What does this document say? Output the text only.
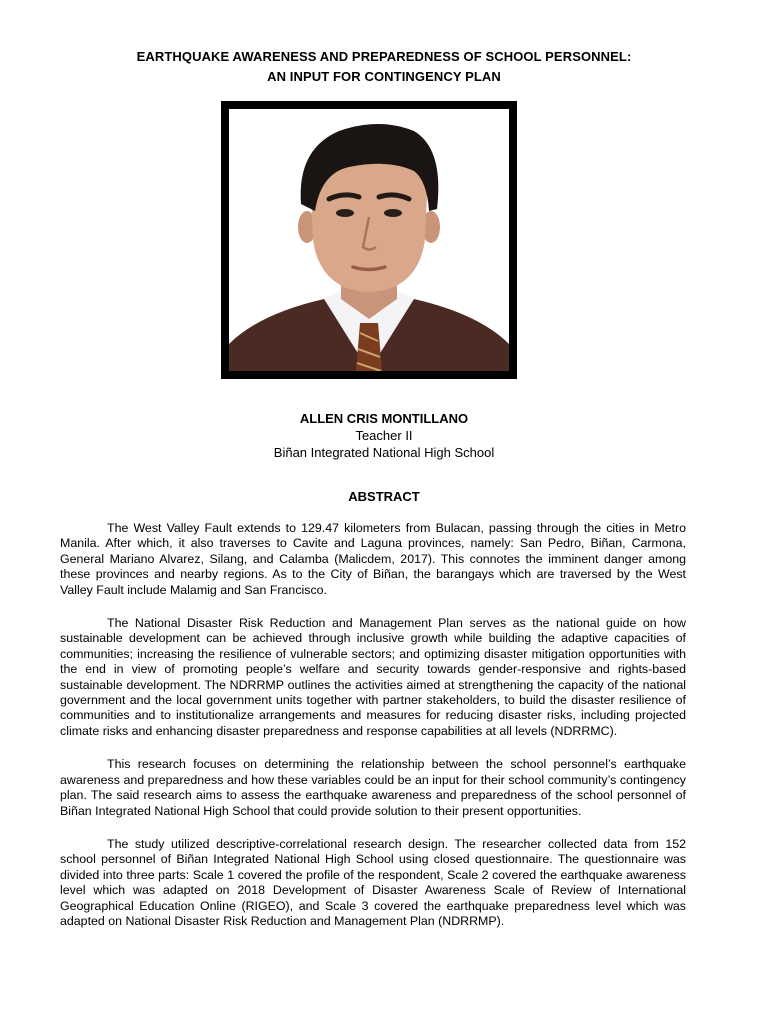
EARTHQUAKE AWARENESS AND PREPAREDNESS OF SCHOOL PERSONNEL:
AN INPUT FOR CONTINGENCY PLAN
ALLEN CRIS MONTILLANO
Teacher II
Biñan Integrated National High School
ABSTRACT

The West Valley Fault extends to 129.47 kilometers from Bulacan, passing through the cities in Metro Manila. After which, it also traverses to Cavite and Laguna provinces, namely: San Pedro, Biñan, Carmona, General Mariano Alvarez, Silang, and Calamba (Malicdem, 2017). This connotes the imminent danger among these provinces and nearby regions. As to the City of Biñan, the barangays which are traversed by the West Valley Fault include Malamig and San Francisco.

The National Disaster Risk Reduction and Management Plan serves as the national guide on how sustainable development can be achieved through inclusive growth while building the adaptive capacities of communities; increasing the resilience of vulnerable sectors; and optimizing disaster mitigation opportunities with the end in view of promoting people’s welfare and security towards gender-responsive and rights-based sustainable development. The NDRRMP outlines the activities aimed at strengthening the capacity of the national government and the local government units together with partner stakeholders, to build the disaster resilience of communities and to institutionalize arrangements and measures for reducing disaster risks, including projected climate risks and enhancing disaster preparedness and response capabilities at all levels (NDRRMC).

This research focuses on determining the relationship between the school personnel’s earthquake awareness and preparedness and how these variables could be an input for their school community’s contingency plan. The said research aims to assess the earthquake awareness and preparedness of the school personnel of Biñan Integrated National High School that could provide solution to their present opportunities.

The study utilized descriptive-correlational research design. The researcher collected data from 152 school personnel of Biñan Integrated National High School using closed questionnaire. The questionnaire was divided into three parts: Scale 1 covered the profile of the respondent, Scale 2 covered the earthquake awareness level which was adapted on 2018 Development of Disaster Awareness Scale of Review of International Geographical Education Online (RIGEO), and Scale 3 covered the earthquake preparedness level which was adapted on National Disaster Risk Reduction and Management Plan (NDRRMP).
